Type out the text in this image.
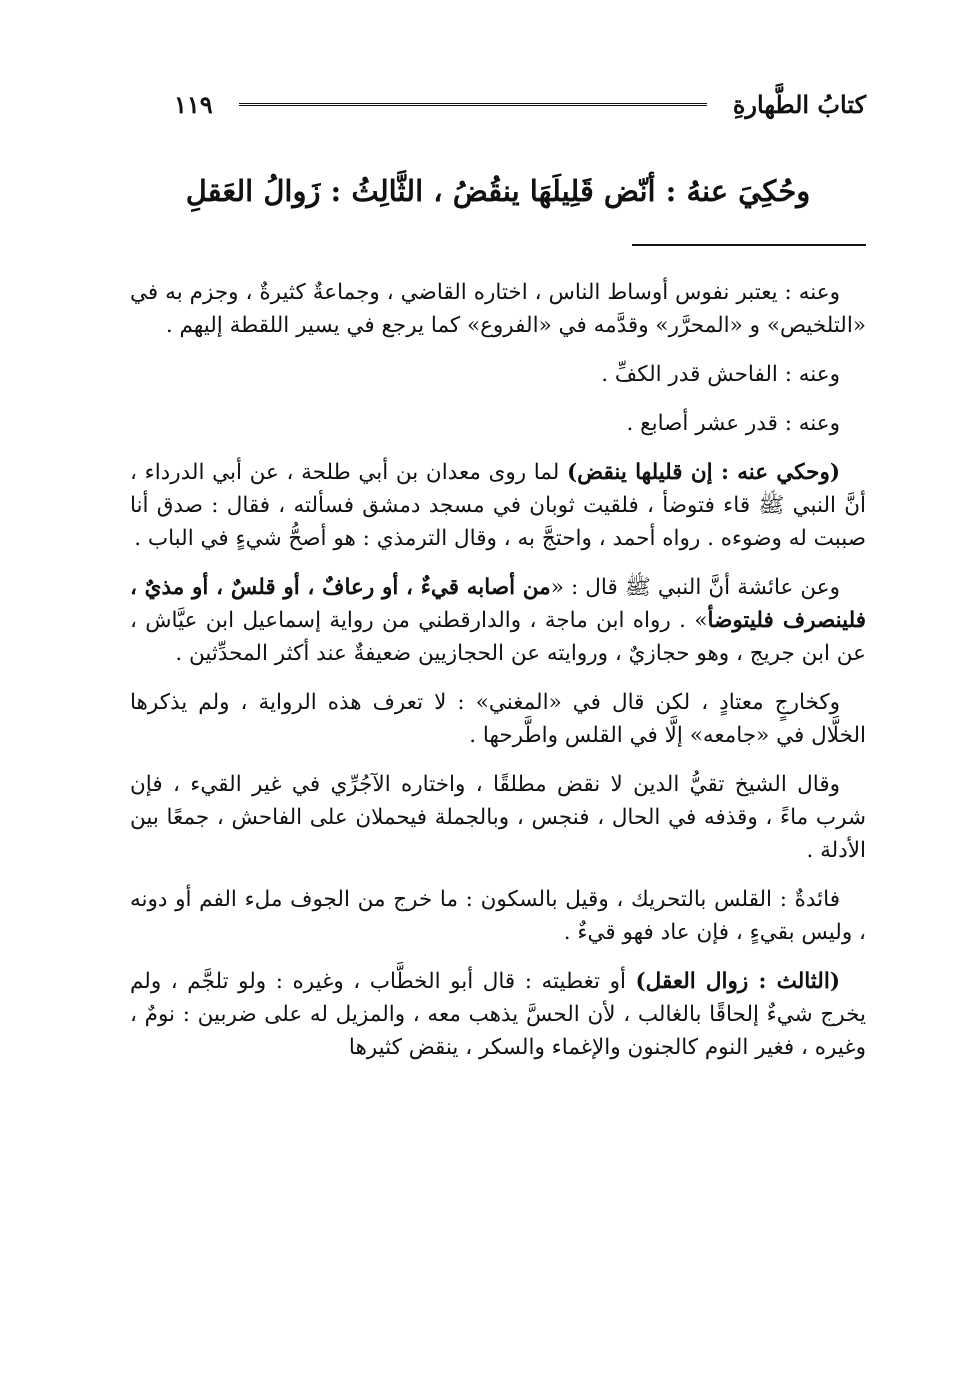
كتابُ الطَّهارةِ
١١٩
وحُكِيَ عنهُ : أنّض قَلِيلَهَا ينقُضُ ، الثَّالِثُ : زَوالُ العَقلِ

وعنه : يعتبر نفوس أوساط الناس ، اختاره القاضي ، وجماعةٌ كثيرةٌ ، وجزم به في «التلخيص» و «المحرَّر» وقدَّمه في «الفروع» كما يرجع في يسير اللقطة إليهم .

وعنه : الفاحش قدر الكفِّ .

وعنه : قدر عشر أصابع .

(وحكي عنه : إن قليلها ينقض) لما روى معدان بن أبي طلحة ، عن أبي الدرداء ، أنَّ النبي ﷺ قاء فتوضأ ، فلقيت ثوبان في مسجد دمشق فسألته ، فقال : صدق أنا صببت له وضوءه . رواه أحمد ، واحتجَّ به ، وقال الترمذي : هو أصحُّ شيءٍ في الباب .

وعن عائشة أنَّ النبي ﷺ قال : «من أصابه قيءٌ ، أو رعافٌ ، أو قلسٌ ، أو مذيٌ ، فلينصرف فليتوضأ» . رواه ابن ماجة ، والدارقطني من رواية إسماعيل ابن عيَّاش ، عن ابن جريج ، وهو حجازيٌ ، وروايته عن الحجازيين ضعيفةٌ عند أكثر المحدِّثين .

وكخارجٍ معتادٍ ، لكن قال في «المغني» : لا تعرف هذه الرواية ، ولم يذكرها الخلَّال في «جامعه» إلَّا في القلس واطَّرحها .

وقال الشيخ تقيُّ الدين لا نقض مطلقًا ، واختاره الآجُرِّي في غير القيء ، فإن شرب ماءً ، وقذفه في الحال ، فنجس ، وبالجملة فيحملان على الفاحش ، جمعًا بين الأدلة .

فائدةٌ : القلس بالتحريك ، وقيل بالسكون : ما خرج من الجوف ملء الفم أو دونه ، وليس بقيءٍ ، فإن عاد فهو قيءٌ .

(الثالث : زوال العقل) أو تغطيته : قال أبو الخطَّاب ، وغيره : ولو تلجَّم ، ولم يخرج شيءٌ إلحاقًا بالغالب ، لأن الحسَّ يذهب معه ، والمزيل له على ضربين : نومٌ ، وغيره ، فغير النوم كالجنون والإغماء والسكر ، ينقض كثيرها
